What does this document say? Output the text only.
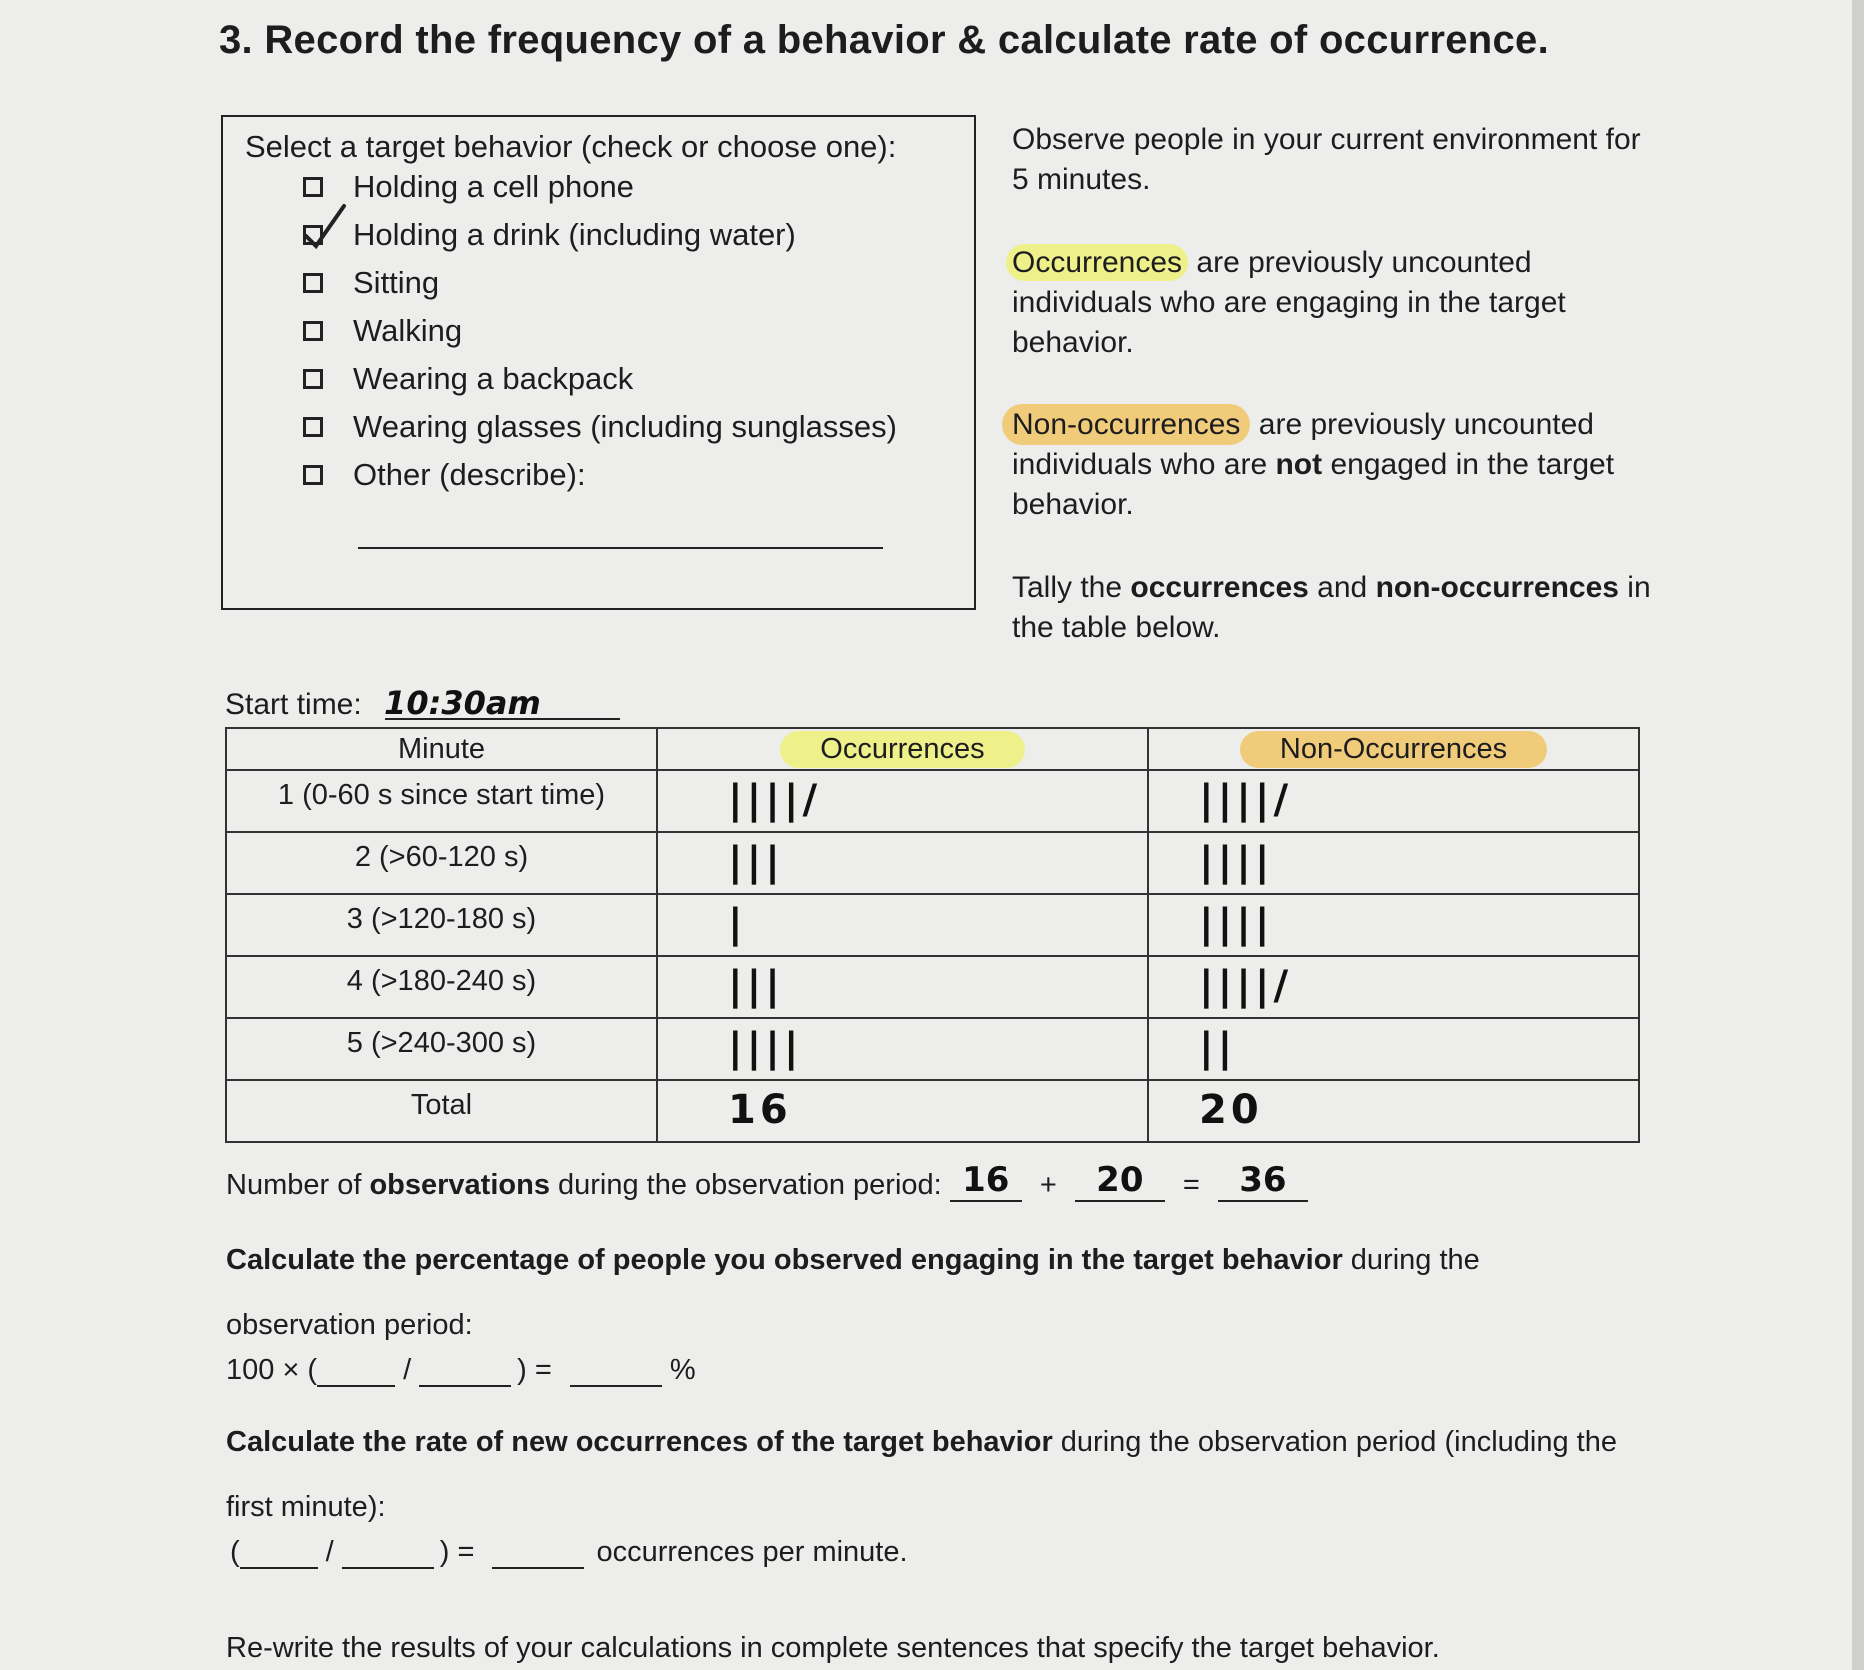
3. Record the frequency of a behavior & calculate rate of occurrence.
Select a target behavior (check or choose one):
Holding a cell phone
Holding a drink (including water)
Sitting
Walking
Wearing a backpack
Wearing glasses (including sunglasses)
Other (describe):
Observe people in your current environment for 5 minutes.
Occurrences are previously uncounted individuals who are engaging in the target behavior.
Non-occurrences are previously uncounted individuals who are not engaged in the target behavior.
Tally the occurrences and non-occurrences in the table below.
Start time: 10:30am
Minute	Occurrences	Non-Occurrences

1 (0-60 s since start time)	||||/	||||/

2 (>60-120 s)	|||	||||

3 (>120-180 s)	|	||||

4 (>180-240 s)	|||	||||/

5 (>240-300 s)	||||	||

Total	16	20
Number of observations during the observation period: 16 + 20 = 36
Calculate the percentage of people you observed engaging in the target behavior during the observation period:
100 × (	/	) =	%
Calculate the rate of new occurrences of the target behavior during the observation period (including the first minute):
(	/	) =	occurrences per minute.
Re-write the results of your calculations in complete sentences that specify the target behavior.
